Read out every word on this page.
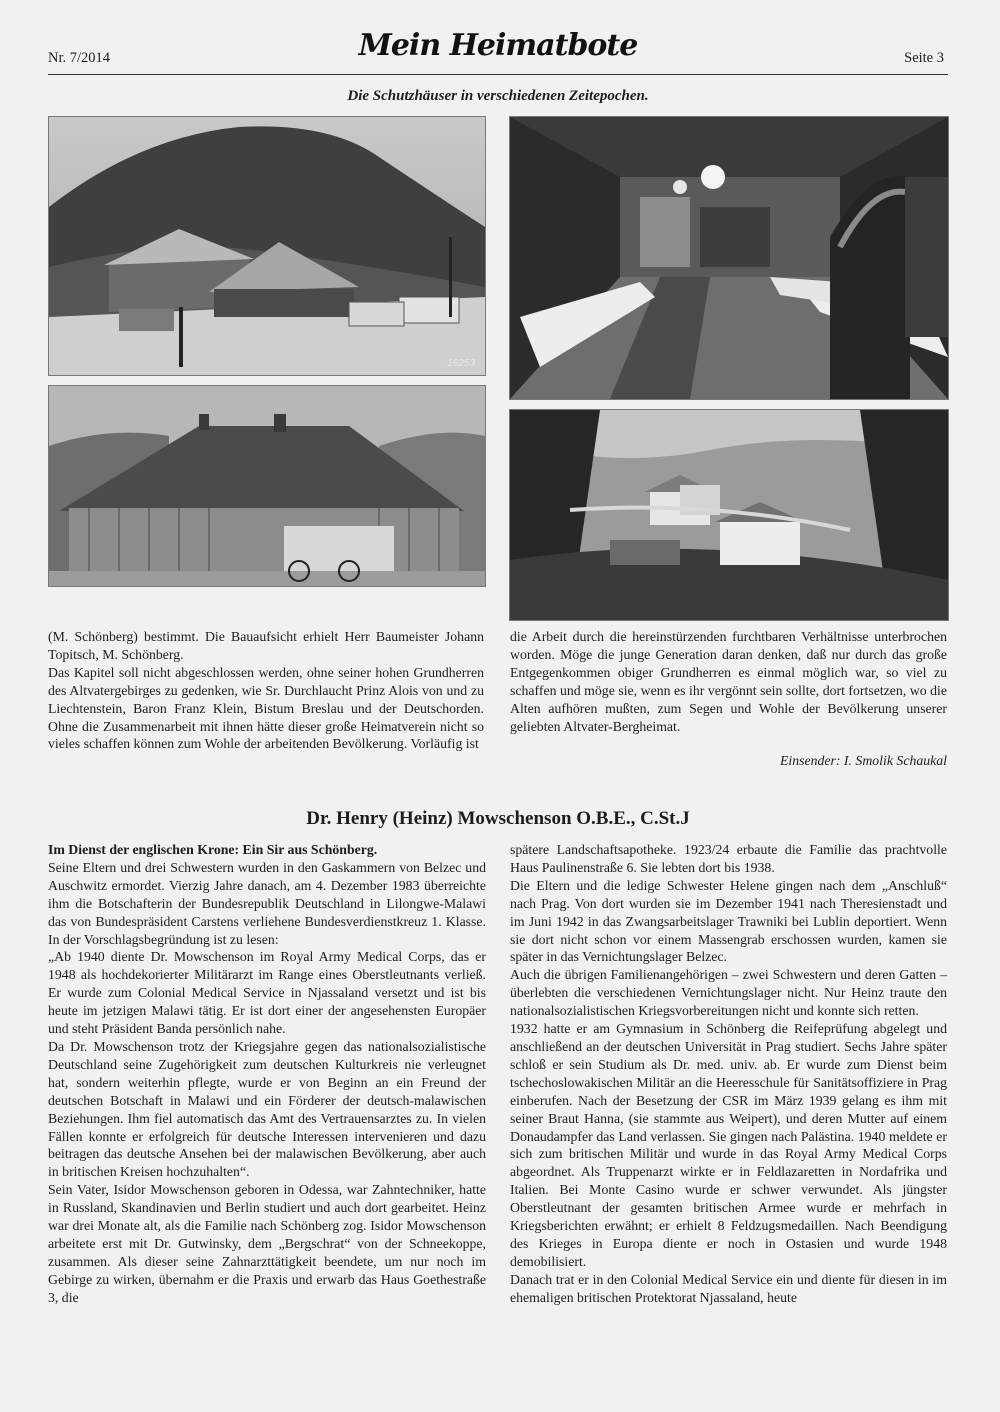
Nr. 7/2014	Mein Heimatbote	Seite 3
Die Schutzhäuser in verschiedenen Zeitepochen.
16253

(M. Schönberg) bestimmt. Die Bauaufsicht erhielt Herr Baumeister Johann Topitsch, M. Schönberg.

Das Kapitel soll nicht abgeschlossen werden, ohne seiner hohen Grundherren des Altvatergebirges zu gedenken, wie Sr. Durchlaucht Prinz Alois von und zu Liechtenstein, Baron Franz Klein, Bistum Breslau und der Deutschorden. Ohne die Zusammenarbeit mit ihnen hätte dieser große Heimatverein nicht so vieles schaffen können zum Wohle der arbeitenden Bevölkerung. Vorläufig ist

die Arbeit durch die hereinstürzenden furchtbaren Verhältnisse unterbrochen worden. Möge die junge Generation daran denken, daß nur durch das große Entgegenkommen obiger Grundherren es einmal möglich war, so viel zu schaffen und möge sie, wenn es ihr vergönnt sein sollte, dort fortsetzen, wo die Alten aufhören mußten, zum Segen und Wohle der Bevölkerung unserer geliebten Altvater-Bergheimat.

Einsender: I. Smolik Schaukal
Dr. Henry (Heinz) Mowschenson O.B.E., C.St.J

Im Dienst der englischen Krone: Ein Sir aus Schönberg.

Seine Eltern und drei Schwestern wurden in den Gaskammern von Belzec und Auschwitz ermordet. Vierzig Jahre danach, am 4. Dezember 1983 überreichte ihm die Botschafterin der Bundesrepublik Deutschland in Lilongwe-Malawi das von Bundespräsident Carstens verliehene Bundesverdienstkreuz 1. Klasse. In der Vorschlagsbegründung ist zu lesen:

„Ab 1940 diente Dr. Mowschenson im Royal Army Medical Corps, das er 1948 als hochdekorierter Militärarzt im Range eines Oberstleutnants verließ. Er wurde zum Colonial Medical Service in Njassaland versetzt und ist bis heute im jetzigen Malawi tätig. Er ist dort einer der angesehensten Europäer und steht Präsident Banda persönlich nahe.

Da Dr. Mowschenson trotz der Kriegsjahre gegen das nationalsozialistische Deutschland seine Zugehörigkeit zum deutschen Kulturkreis nie verleugnet hat, sondern weiterhin pflegte, wurde er von Beginn an ein Freund der deutschen Botschaft in Malawi und ein Förderer der deutsch-malawischen Beziehungen. Ihm fiel automatisch das Amt des Vertrauensarztes zu. In vielen Fällen konnte er erfolgreich für deutsche Interessen intervenieren und dazu beitragen das deutsche Ansehen bei der malawischen Bevölkerung, aber auch in britischen Kreisen hochzuhalten“.

Sein Vater, Isidor Mowschenson geboren in Odessa, war Zahntechniker, hatte in Russland, Skandinavien und Berlin studiert und auch dort gearbeitet. Heinz war drei Monate alt, als die Familie nach Schönberg zog. Isidor Mowschenson arbeitete erst mit Dr. Gutwinsky, dem „Bergschrat“ von der Schneekoppe, zusammen. Als dieser seine Zahnarzttätigkeit beendete, um nur noch im Gebirge zu wirken, übernahm er die Praxis und erwarb das Haus Goethestraße 3, die

spätere Landschaftsapotheke. 1923/24 erbaute die Familie das prachtvolle Haus Paulinenstraße 6. Sie lebten dort bis 1938.

Die Eltern und die ledige Schwester Helene gingen nach dem „Anschluß“ nach Prag. Von dort wurden sie im Dezember 1941 nach Theresienstadt und im Juni 1942 in das Zwangsarbeitslager Trawniki bei Lublin deportiert. Wenn sie dort nicht schon vor einem Massengrab erschossen wurden, kamen sie später in das Vernichtungslager Belzec.

Auch die übrigen Familienangehörigen – zwei Schwestern und deren Gatten – überlebten die verschiedenen Vernichtungslager nicht. Nur Heinz traute den nationalsozialistischen Kriegsvorbereitungen nicht und konnte sich retten.

1932 hatte er am Gymnasium in Schönberg die Reifeprüfung abgelegt und anschließend an der deutschen Universität in Prag studiert. Sechs Jahre später schloß er sein Studium als Dr. med. univ. ab. Er wurde zum Dienst beim tschechoslowakischen Militär an die Heeresschule für Sanitätsoffiziere in Prag einberufen. Nach der Besetzung der CSR im März 1939 gelang es ihm mit seiner Braut Hanna, (sie stammte aus Weipert), und deren Mutter auf einem Donaudampfer das Land verlassen. Sie gingen nach Palästina. 1940 meldete er sich zum britischen Militär und wurde in das Royal Army Medical Corps abgeordnet. Als Truppenarzt wirkte er in Feldlazaretten in Nordafrika und Italien. Bei Monte Casino wurde er schwer verwundet. Als jüngster Oberstleutnant der gesamten britischen Armee wurde er mehrfach in Kriegsberichten erwähnt; er erhielt 8 Feldzugsmedaillen. Nach Beendigung des Krieges in Europa diente er noch in Ostasien und wurde 1948 demobilisiert.

Danach trat er in den Colonial Medical Service ein und diente für diesen in im ehemaligen britischen Protektorat Njassaland, heute
